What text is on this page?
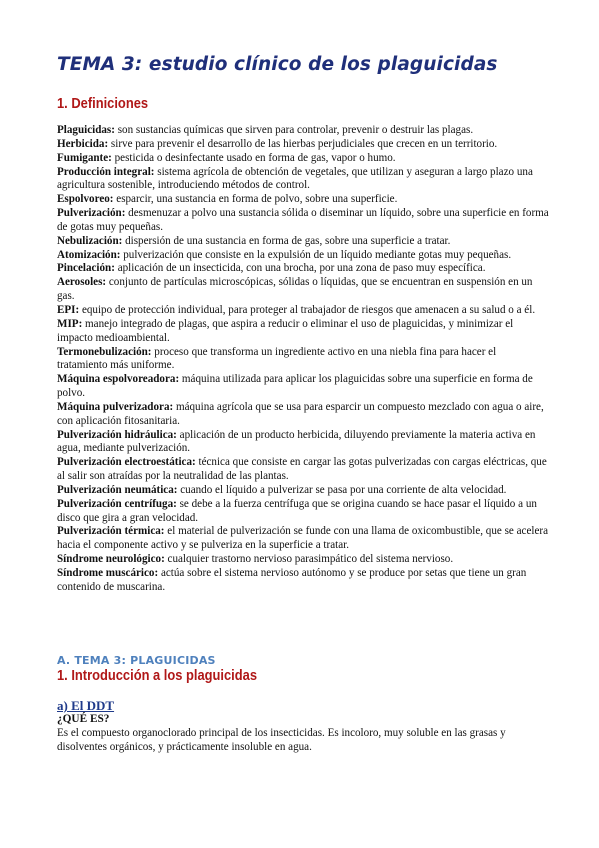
TEMA 3: estudio clínico de los plaguicidas
1. Definiciones

Plaguicidas: son sustancias químicas que sirven para controlar, prevenir o destruir las plagas.

Herbicida: sirve para prevenir el desarrollo de las hierbas perjudiciales que crecen en un territorio.

Fumigante: pesticida o desinfectante usado en forma de gas, vapor o humo.

Producción integral: sistema agrícola de obtención de vegetales, que utilizan y aseguran a largo plazo una agricultura sostenible, introduciendo métodos de control.

Espolvoreo: esparcir, una sustancia en forma de polvo, sobre una superficie.

Pulverización: desmenuzar a polvo una sustancia sólida o diseminar un líquido, sobre una superficie en forma de gotas muy pequeñas.

Nebulización: dispersión de una sustancia en forma de gas, sobre una superficie a tratar.

Atomización: pulverización que consiste en la expulsión de un líquido mediante gotas muy pequeñas.

Pincelación: aplicación de un insecticida, con una brocha, por una zona de paso muy específica.

Aerosoles: conjunto de partículas microscópicas, sólidas o líquidas, que se encuentran en suspensión en un gas.

EPI: equipo de protección individual, para proteger al trabajador de riesgos que amenacen a su salud o a él.

MIP: manejo integrado de plagas, que aspira a reducir o eliminar el uso de plaguicidas, y minimizar el impacto medioambiental.

Termonebulización: proceso que transforma un ingrediente activo en una niebla fina para hacer el tratamiento más uniforme.

Máquina espolvoreadora: máquina utilizada para aplicar los plaguicidas sobre una superficie en forma de polvo.

Máquina pulverizadora: máquina agrícola que se usa para esparcir un compuesto mezclado con agua o aire, con aplicación fitosanitaria.

Pulverización hidráulica: aplicación de un producto herbicida, diluyendo previamente la materia activa en agua, mediante pulverización.

Pulverización electroestática: técnica que consiste en cargar las gotas pulverizadas con cargas eléctricas, que al salir son atraídas por la neutralidad de las plantas.

Pulverización neumática: cuando el líquido a pulverizar se pasa por una corriente de alta velocidad.

Pulverización centrífuga: se debe a la fuerza centrífuga que se origina cuando se hace pasar el líquido a un disco que gira a gran velocidad.

Pulverización térmica: el material de pulverización se funde con una llama de oxicombustible, que se acelera hacia el componente activo y se pulveriza en la superficie a tratar.

Síndrome neurológico: cualquier trastorno nervioso parasimpático del sistema nervioso.

Síndrome muscárico: actúa sobre el sistema nervioso autónomo y se produce por setas que tiene un gran contenido de muscarina.

A. TEMA 3: PLAGUICIDAS
1. Introducción a los plaguicidas
a) El DDT
¿QUÉ ES?

Es el compuesto organoclorado principal de los insecticidas. Es incoloro, muy soluble en las grasas y disolventes orgánicos, y prácticamente insoluble en agua.
